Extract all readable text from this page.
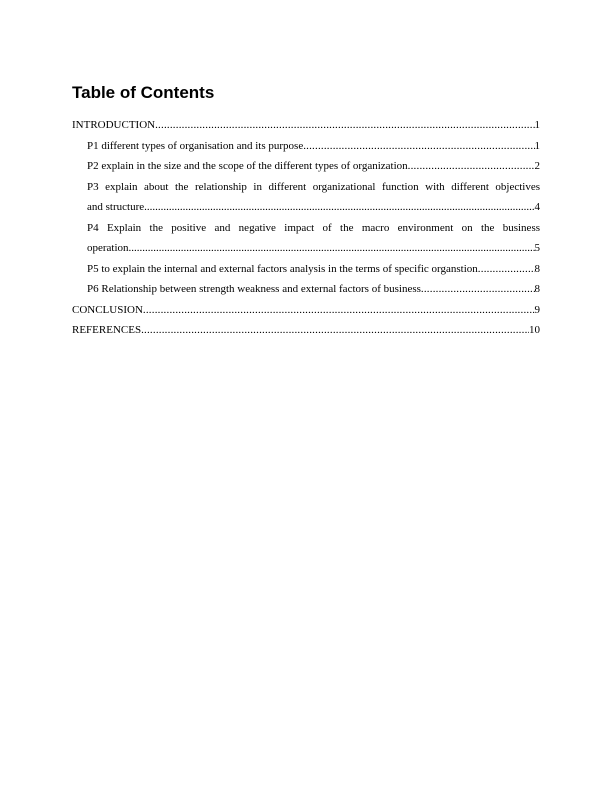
Table of Contents
INTRODUCTION .....	1
P1 different types of organisation and its purpose .....	1
P2 explain in the size and the scope of the different types of organization .....	2
P3 explain about the relationship in different organizational function with different objectives
and structure. .....	4
P4 Explain the positive and negative impact of the macro environment on the business
operation .....	5
P5 to explain the internal and external factors analysis in the terms of specific organstion .....	8
P6 Relationship between strength weakness and external factors of business .....	8
CONCLUSION .....	9
REFERENCES .....	10
